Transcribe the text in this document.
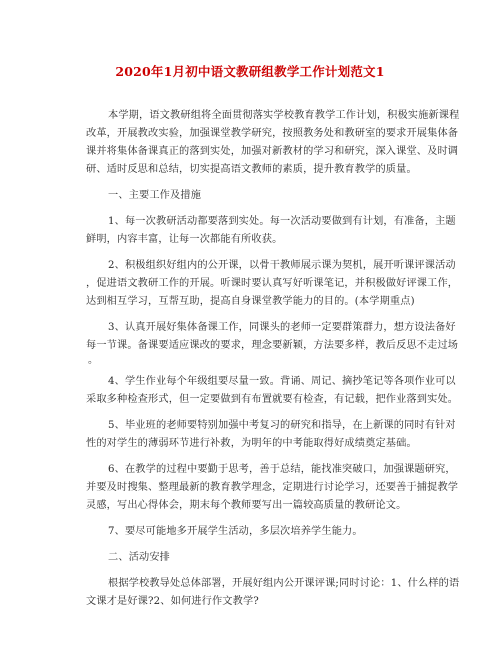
2020年1月初中语文教研组教学工作计划范文1
本学期，语文教研组将全面贯彻落实学校教育教学工作计划，积极实施新课程
改革，开展教改实验，加强课堂教学研究，按照教务处和教研室的要求开展集体备
课并将集体备课真正的落到实处，加强对新教材的学习和研究，深入课堂、及时调
研、适时反思和总结，切实提高语文教师的素质，提升教育教学的质量。
一、主要工作及措施
1、每一次教研活动都要落到实处。每一次活动要做到有计划，有准备，主题
鲜明，内容丰富，让每一次都能有所收获。
2、积极组织好组内的公开课，以骨干教师展示课为契机，展开听课评课活动
，促进语文教研工作的开展。听课时要认真写好听课笔记，并积极做好评课工作，
达到相互学习，互帮互助，提高自身课堂教学能力的目的。(本学期重点)
3、认真开展好集体备课工作，同课头的老师一定要群策群力，想方设法备好
每一节课。备课要适应课改的要求，理念要新颖，方法要多样，教后反思不走过场
。
4、学生作业每个年级组要尽量一致。背诵、周记、摘抄笔记等各项作业可以
采取多种检查形式，但一定要做到有布置就要有检查，有记载，把作业落到实处。
5、毕业班的老师要特别加强中考复习的研究和指导，在上新课的同时有针对
性的对学生的薄弱环节进行补救，为明年的中考能取得好成绩奠定基础。
6、在教学的过程中要勤于思考，善于总结，能找准突破口，加强课题研究，
并要及时搜集、整理最新的教育教学理念，定期进行讨论学习，还要善于捕捉教学
灵感，写出心得体会，期末每个教师要写出一篇较高质量的教研论文。
7、要尽可能地多开展学生活动，多层次培养学生能力。
二、活动安排
根据学校教导处总体部署，开展好组内公开课评课;同时讨论：1、什么样的语
文课才是好课?2、如何进行作文教学?
